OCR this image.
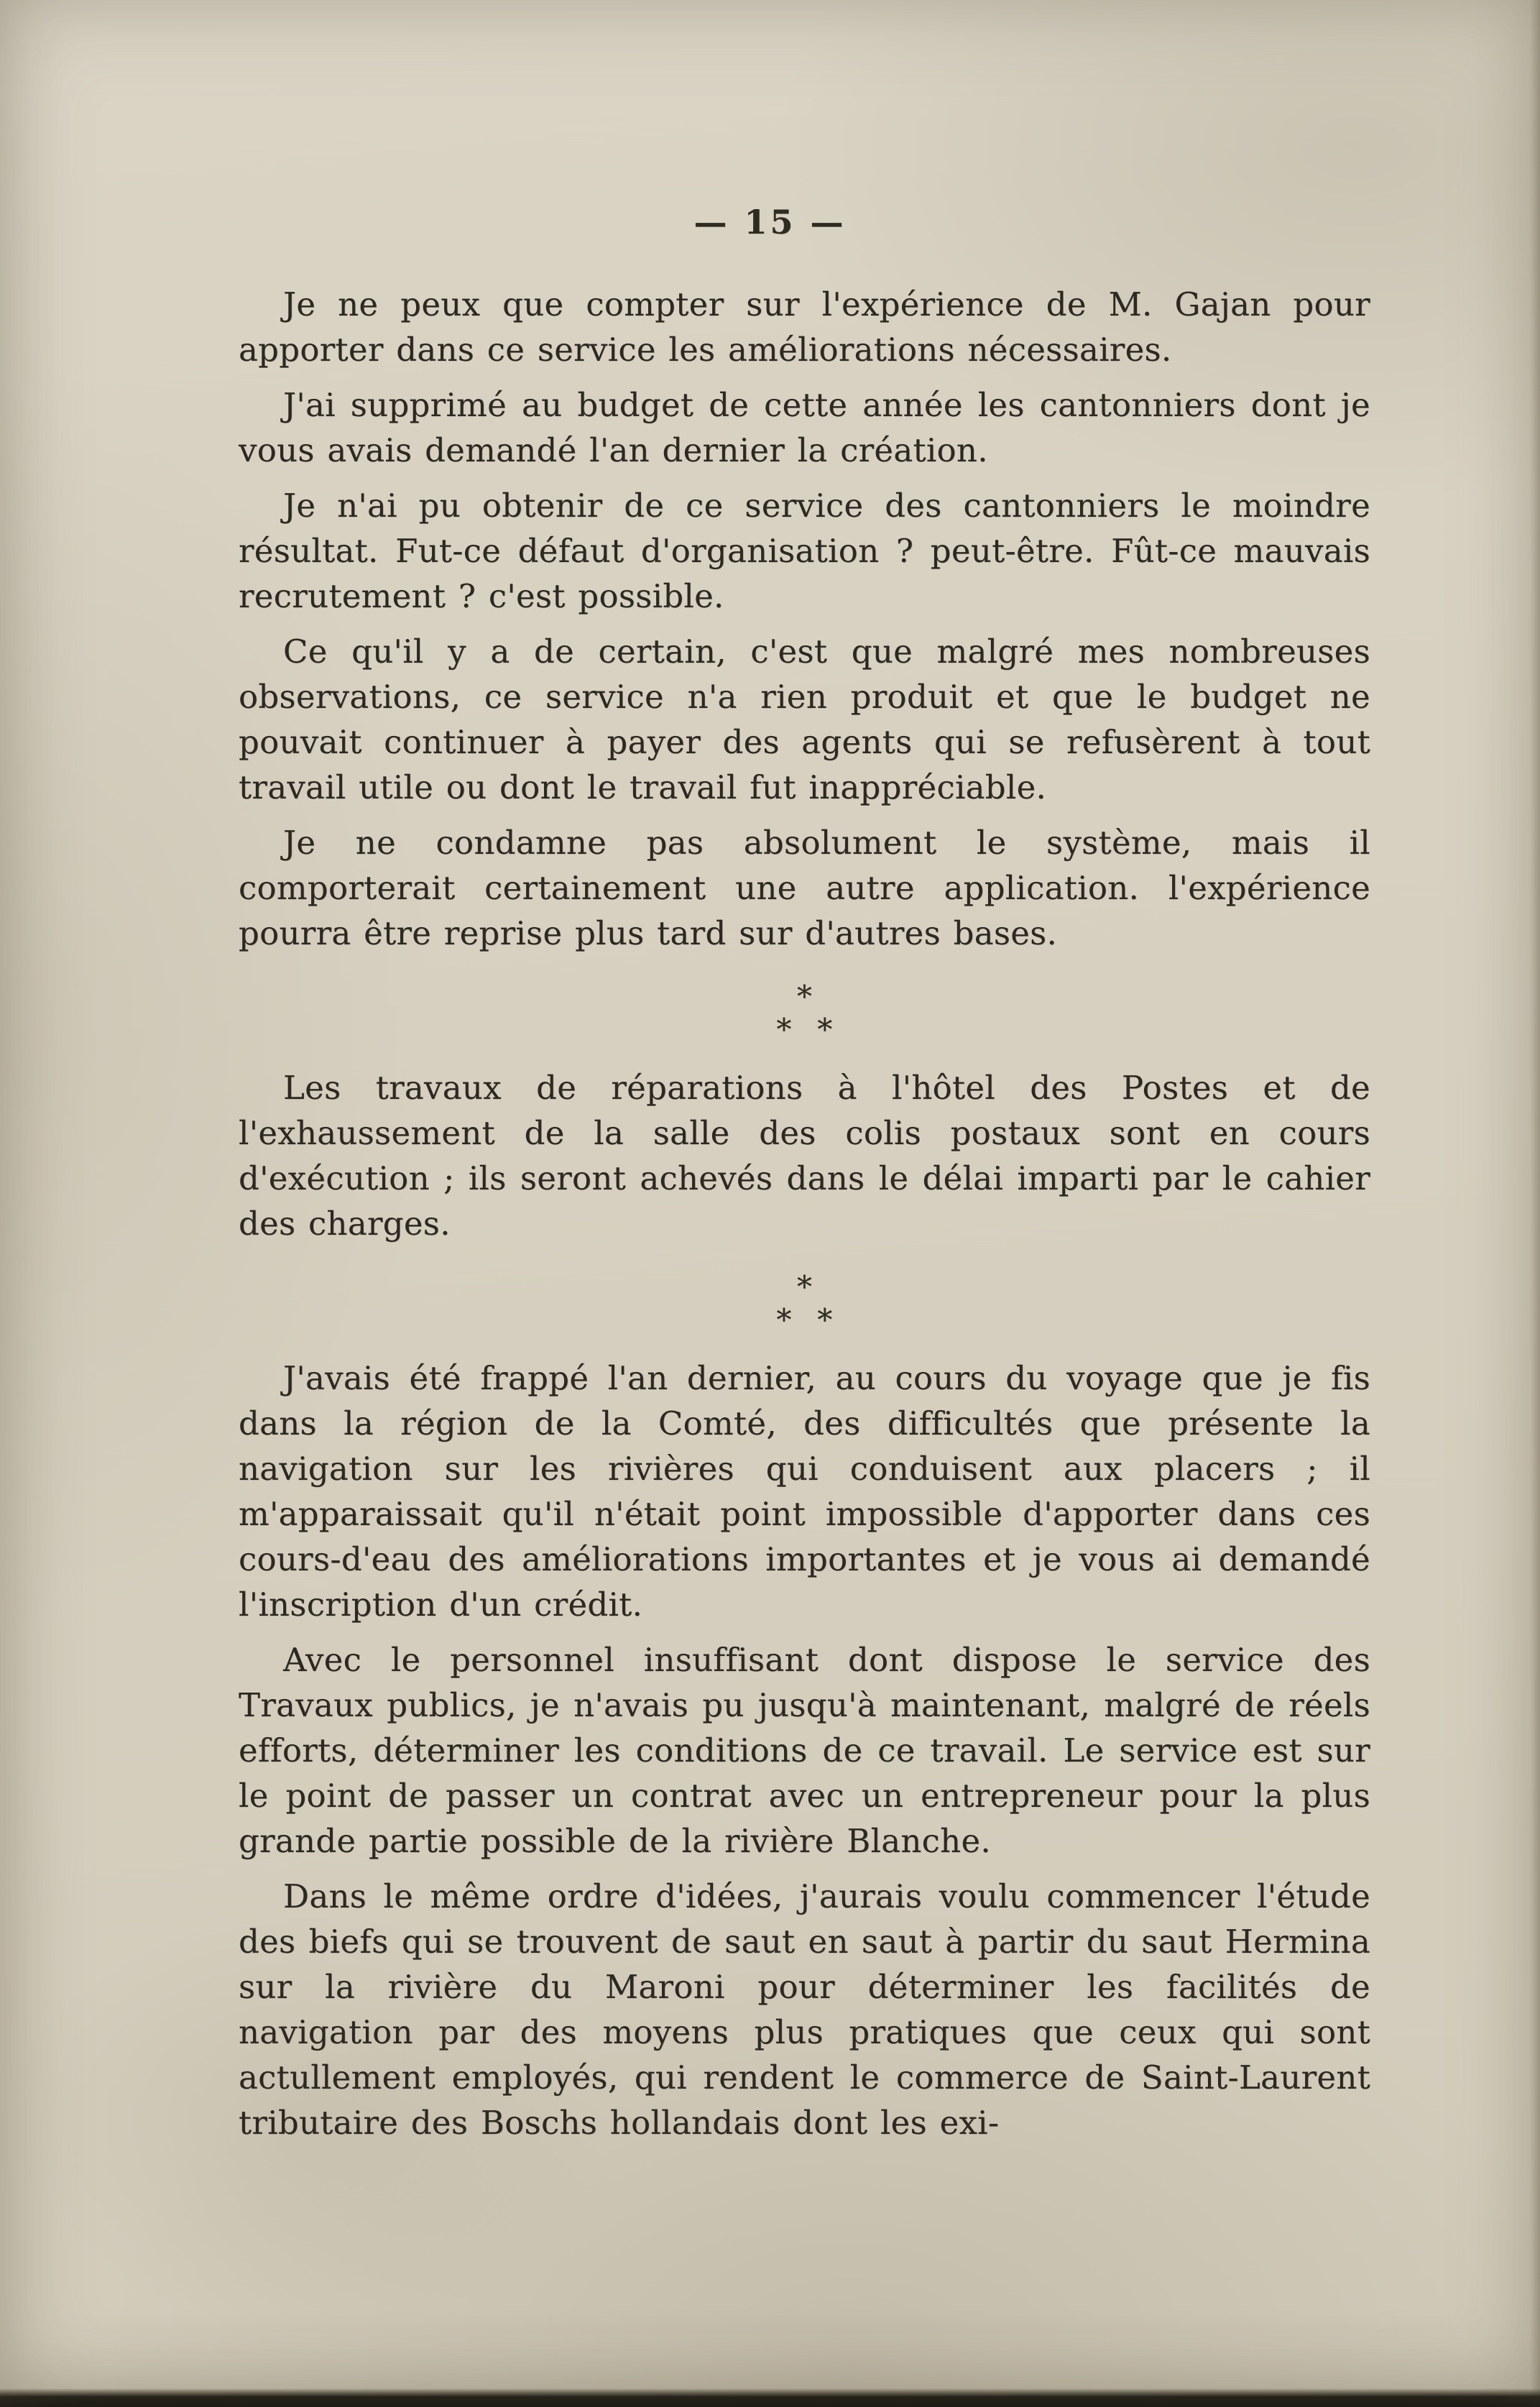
— 15 —

Je ne peux que compter sur l'expérience de M. Gajan pour apporter dans ce service les améliorations nécessaires.

J'ai supprimé au budget de cette année les cantonniers dont je vous avais demandé l'an dernier la création.

Je n'ai pu obtenir de ce service des cantonniers le moindre résultat. Fut-ce défaut d'organisation ? peut-être. Fût-ce mauvais recrutement ? c'est possible.

Ce qu'il y a de certain, c'est que malgré mes nombreuses observations, ce service n'a rien produit et que le budget ne pouvait continuer à payer des agents qui se refusèrent à tout travail utile ou dont le travail fut inappréciable.

Je ne condamne pas absolument le système, mais il comporterait certainement une autre application. l'expérience pourra être reprise plus tard sur d'autres bases.

*
* *

Les travaux de réparations à l'hôtel des Postes et de l'exhaussement de la salle des colis postaux sont en cours d'exécution ; ils seront achevés dans le délai imparti par le cahier des charges.

*
* *

J'avais été frappé l'an dernier, au cours du voyage que je fis dans la région de la Comté, des difficultés que présente la navigation sur les rivières qui conduisent aux placers ; il m'apparaissait qu'il n'était point impossible d'apporter dans ces cours-d'eau des améliorations importantes et je vous ai demandé l'inscription d'un crédit.

Avec le personnel insuffisant dont dispose le service des Travaux publics, je n'avais pu jusqu'à maintenant, malgré de réels efforts, déterminer les conditions de ce travail. Le service est sur le point de passer un contrat avec un entrepreneur pour la plus grande partie possible de la rivière Blanche.

Dans le même ordre d'idées, j'aurais voulu commencer l'étude des biefs qui se trouvent de saut en saut à partir du saut Hermina sur la rivière du Maroni pour déterminer les facilités de navigation par des moyens plus pratiques que ceux qui sont actullement employés, qui rendent le commerce de Saint-Laurent tributaire des Boschs hollandais dont les exi-
